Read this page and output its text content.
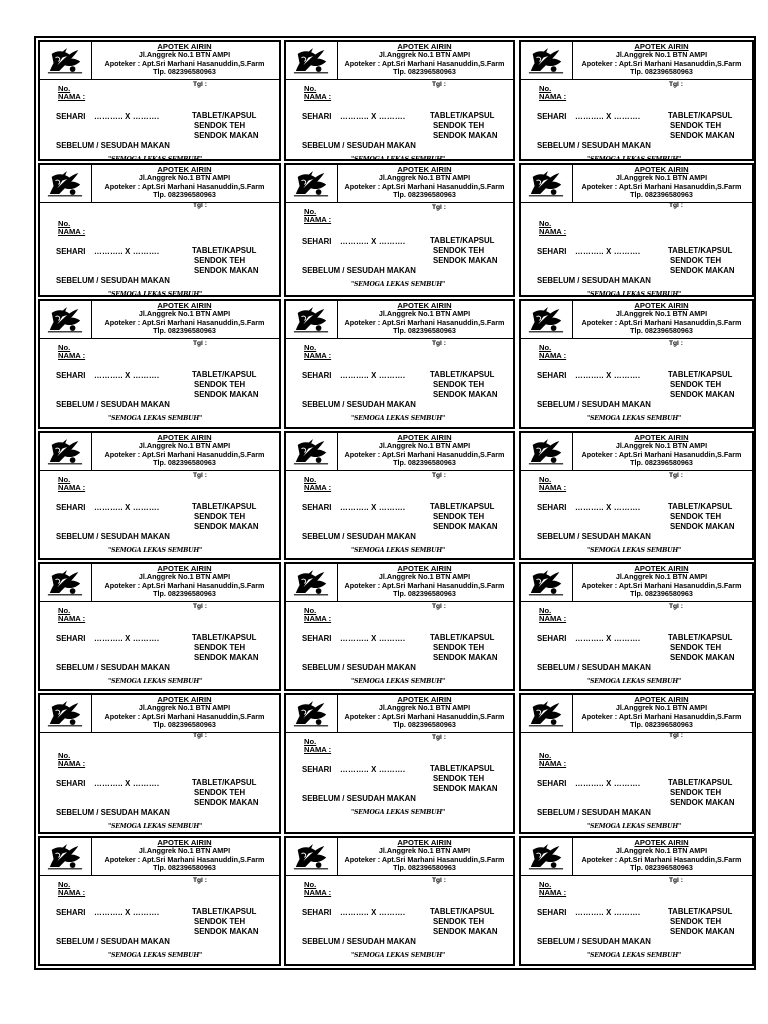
APOTEK AIRIN
Jl.Anggrek No.1 BTN AMPI
Apoteker : Apt.Sri Marhani Hasanuddin,S.Farm
Tlp. 082396580963
Tgl :
No.
NAMA :
SEHARI ……….. X ……….	TABLET/KAPSUL
SENDOK TEH
SENDOK MAKAN
SEBELUM / SESUDAH MAKAN
"SEMOGA LEKAS SEMBUH"
APOTEK AIRIN
Jl.Anggrek No.1 BTN AMPI
Apoteker : Apt.Sri Marhani Hasanuddin,S.Farm
Tlp. 082396580963
Tgl :
No.
NAMA :
SEHARI ……….. X ……….	TABLET/KAPSUL
SENDOK TEH
SENDOK MAKAN
SEBELUM / SESUDAH MAKAN
"SEMOGA LEKAS SEMBUH"
APOTEK AIRIN
Jl.Anggrek No.1 BTN AMPI
Apoteker : Apt.Sri Marhani Hasanuddin,S.Farm
Tlp. 082396580963
Tgl :
No.
NAMA :
SEHARI ……….. X ……….	TABLET/KAPSUL
SENDOK TEH
SENDOK MAKAN
SEBELUM / SESUDAH MAKAN
"SEMOGA LEKAS SEMBUH"
APOTEK AIRIN
Jl.Anggrek No.1 BTN AMPI
Apoteker : Apt.Sri Marhani Hasanuddin,S.Farm
Tlp. 082396580963
Tgl :
No.
NAMA :
SEHARI ……….. X ……….	TABLET/KAPSUL
SENDOK TEH
SENDOK MAKAN
SEBELUM / SESUDAH MAKAN
"SEMOGA LEKAS SEMBUH"
APOTEK AIRIN
Jl.Anggrek No.1 BTN AMPI
Apoteker : Apt.Sri Marhani Hasanuddin,S.Farm
Tlp. 082396580963
Tgl :
No.
NAMA :
SEHARI ……….. X ……….	TABLET/KAPSUL
SENDOK TEH
SENDOK MAKAN
SEBELUM / SESUDAH MAKAN
"SEMOGA LEKAS SEMBUH"
APOTEK AIRIN
Jl.Anggrek No.1 BTN AMPI
Apoteker : Apt.Sri Marhani Hasanuddin,S.Farm
Tlp. 082396580963
Tgl :
No.
NAMA :
SEHARI ……….. X ……….	TABLET/KAPSUL
SENDOK TEH
SENDOK MAKAN
SEBELUM / SESUDAH MAKAN
"SEMOGA LEKAS SEMBUH"
APOTEK AIRIN
Jl.Anggrek No.1 BTN AMPI
Apoteker : Apt.Sri Marhani Hasanuddin,S.Farm
Tlp. 082396580963
Tgl :
No.
NAMA :
SEHARI ……….. X ……….	TABLET/KAPSUL
SENDOK TEH
SENDOK MAKAN
SEBELUM / SESUDAH MAKAN
"SEMOGA LEKAS SEMBUH"
APOTEK AIRIN
Jl.Anggrek No.1 BTN AMPI
Apoteker : Apt.Sri Marhani Hasanuddin,S.Farm
Tlp. 082396580963
Tgl :
No.
NAMA :
SEHARI ……….. X ……….	TABLET/KAPSUL
SENDOK TEH
SENDOK MAKAN
SEBELUM / SESUDAH MAKAN
"SEMOGA LEKAS SEMBUH"
APOTEK AIRIN
Jl.Anggrek No.1 BTN AMPI
Apoteker : Apt.Sri Marhani Hasanuddin,S.Farm
Tlp. 082396580963
Tgl :
No.
NAMA :
SEHARI ……….. X ……….	TABLET/KAPSUL
SENDOK TEH
SENDOK MAKAN
SEBELUM / SESUDAH MAKAN
"SEMOGA LEKAS SEMBUH"
APOTEK AIRIN
Jl.Anggrek No.1 BTN AMPI
Apoteker : Apt.Sri Marhani Hasanuddin,S.Farm
Tlp. 082396580963
Tgl :
No.
NAMA :
SEHARI ……….. X ……….	TABLET/KAPSUL
SENDOK TEH
SENDOK MAKAN
SEBELUM / SESUDAH MAKAN
"SEMOGA LEKAS SEMBUH"
APOTEK AIRIN
Jl.Anggrek No.1 BTN AMPI
Apoteker : Apt.Sri Marhani Hasanuddin,S.Farm
Tlp. 082396580963
Tgl :
No.
NAMA :
SEHARI ……….. X ……….	TABLET/KAPSUL
SENDOK TEH
SENDOK MAKAN
SEBELUM / SESUDAH MAKAN
"SEMOGA LEKAS SEMBUH"
APOTEK AIRIN
Jl.Anggrek No.1 BTN AMPI
Apoteker : Apt.Sri Marhani Hasanuddin,S.Farm
Tlp. 082396580963
Tgl :
No.
NAMA :
SEHARI ……….. X ……….	TABLET/KAPSUL
SENDOK TEH
SENDOK MAKAN
SEBELUM / SESUDAH MAKAN
"SEMOGA LEKAS SEMBUH"
APOTEK AIRIN
Jl.Anggrek No.1 BTN AMPI
Apoteker : Apt.Sri Marhani Hasanuddin,S.Farm
Tlp. 082396580963
Tgl :
No.
NAMA :
SEHARI ……….. X ……….	TABLET/KAPSUL
SENDOK TEH
SENDOK MAKAN
SEBELUM / SESUDAH MAKAN
"SEMOGA LEKAS SEMBUH"
APOTEK AIRIN
Jl.Anggrek No.1 BTN AMPI
Apoteker : Apt.Sri Marhani Hasanuddin,S.Farm
Tlp. 082396580963
Tgl :
No.
NAMA :
SEHARI ……….. X ……….	TABLET/KAPSUL
SENDOK TEH
SENDOK MAKAN
SEBELUM / SESUDAH MAKAN
"SEMOGA LEKAS SEMBUH"
APOTEK AIRIN
Jl.Anggrek No.1 BTN AMPI
Apoteker : Apt.Sri Marhani Hasanuddin,S.Farm
Tlp. 082396580963
Tgl :
No.
NAMA :
SEHARI ……….. X ……….	TABLET/KAPSUL
SENDOK TEH
SENDOK MAKAN
SEBELUM / SESUDAH MAKAN
"SEMOGA LEKAS SEMBUH"
APOTEK AIRIN
Jl.Anggrek No.1 BTN AMPI
Apoteker : Apt.Sri Marhani Hasanuddin,S.Farm
Tlp. 082396580963
Tgl :
No.
NAMA :
SEHARI ……….. X ……….	TABLET/KAPSUL
SENDOK TEH
SENDOK MAKAN
SEBELUM / SESUDAH MAKAN
"SEMOGA LEKAS SEMBUH"
APOTEK AIRIN
Jl.Anggrek No.1 BTN AMPI
Apoteker : Apt.Sri Marhani Hasanuddin,S.Farm
Tlp. 082396580963
Tgl :
No.
NAMA :
SEHARI ……….. X ……….	TABLET/KAPSUL
SENDOK TEH
SENDOK MAKAN
SEBELUM / SESUDAH MAKAN
"SEMOGA LEKAS SEMBUH"
APOTEK AIRIN
Jl.Anggrek No.1 BTN AMPI
Apoteker : Apt.Sri Marhani Hasanuddin,S.Farm
Tlp. 082396580963
Tgl :
No.
NAMA :
SEHARI ……….. X ……….	TABLET/KAPSUL
SENDOK TEH
SENDOK MAKAN
SEBELUM / SESUDAH MAKAN
"SEMOGA LEKAS SEMBUH"
APOTEK AIRIN
Jl.Anggrek No.1 BTN AMPI
Apoteker : Apt.Sri Marhani Hasanuddin,S.Farm
Tlp. 082396580963
Tgl :
No.
NAMA :
SEHARI ……….. X ……….	TABLET/KAPSUL
SENDOK TEH
SENDOK MAKAN
SEBELUM / SESUDAH MAKAN
"SEMOGA LEKAS SEMBUH"
APOTEK AIRIN
Jl.Anggrek No.1 BTN AMPI
Apoteker : Apt.Sri Marhani Hasanuddin,S.Farm
Tlp. 082396580963
Tgl :
No.
NAMA :
SEHARI ……….. X ……….	TABLET/KAPSUL
SENDOK TEH
SENDOK MAKAN
SEBELUM / SESUDAH MAKAN
"SEMOGA LEKAS SEMBUH"
APOTEK AIRIN
Jl.Anggrek No.1 BTN AMPI
Apoteker : Apt.Sri Marhani Hasanuddin,S.Farm
Tlp. 082396580963
Tgl :
No.
NAMA :
SEHARI ……….. X ……….	TABLET/KAPSUL
SENDOK TEH
SENDOK MAKAN
SEBELUM / SESUDAH MAKAN
"SEMOGA LEKAS SEMBUH"
